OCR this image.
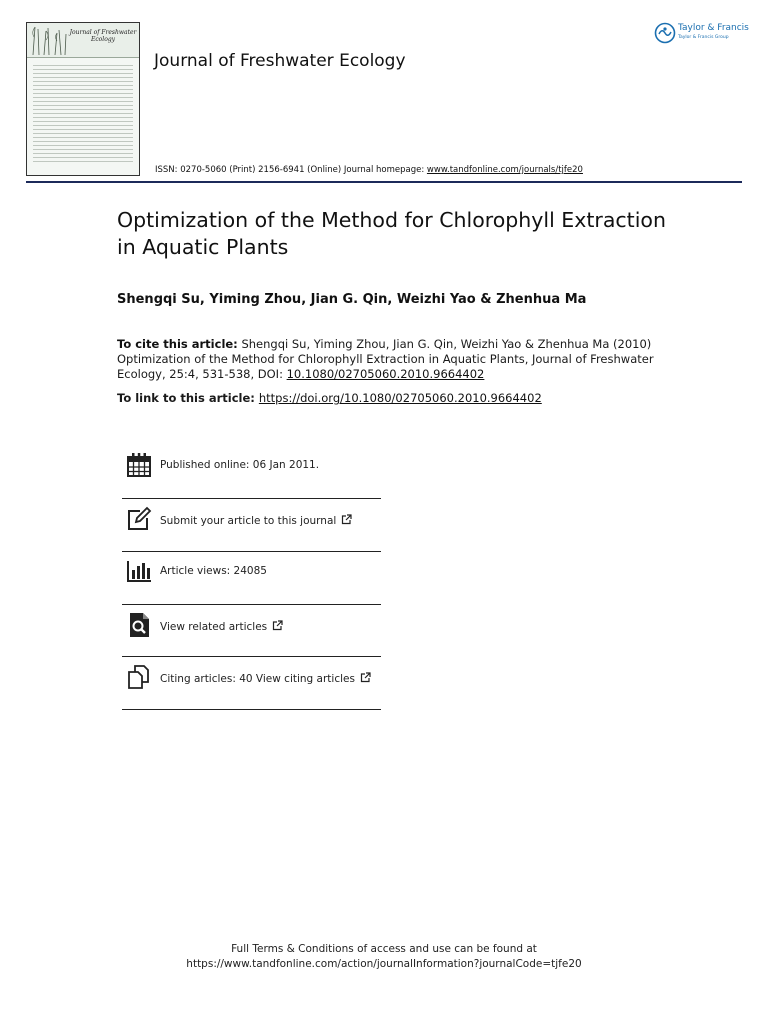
Journal of Freshwater Ecology
Journal of Freshwater Ecology
ISSN: 0270-5060 (Print) 2156-6941 (Online) Journal homepage: www.tandfonline.com/journals/tjfe20
Taylor & Francis
Taylor & Francis Group
Optimization of the Method for Chlorophyll Extraction in Aquatic Plants
Shengqi Su, Yiming Zhou, Jian G. Qin, Weizhi Yao & Zhenhua Ma
To cite this article: Shengqi Su, Yiming Zhou, Jian G. Qin, Weizhi Yao & Zhenhua Ma (2010) Optimization of the Method for Chlorophyll Extraction in Aquatic Plants, Journal of Freshwater Ecology, 25:4, 531-538, DOI: 10.1080/02705060.2010.9664402
To link to this article: https://doi.org/10.1080/02705060.2010.9664402
Published online: 06 Jan 2011.
Submit your article to this journal
Article views: 24085
View related articles
Citing articles: 40 View citing articles
Full Terms & Conditions of access and use can be found at
https://www.tandfonline.com/action/journalInformation?journalCode=tjfe20
